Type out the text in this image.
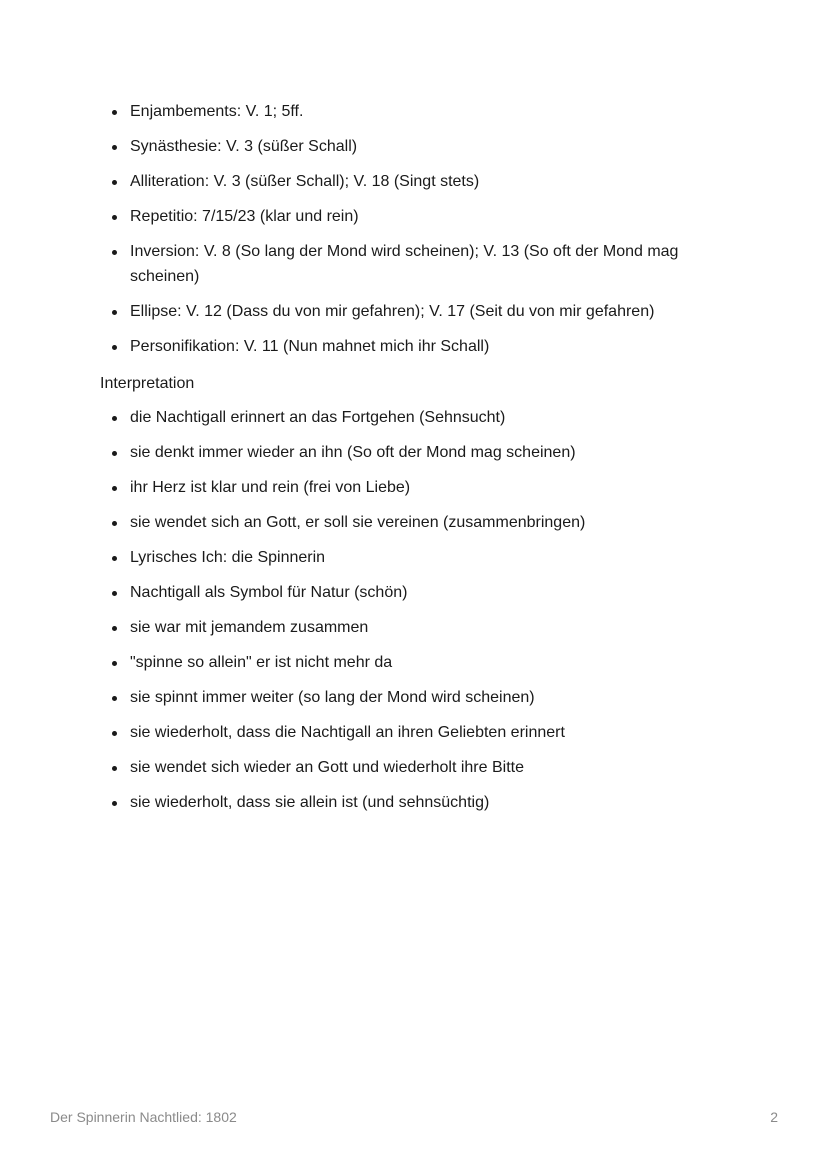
Enjambements: V. 1; 5ff.
Synästhesie: V. 3 (süßer Schall)
Alliteration: V. 3 (süßer Schall); V. 18 (Singt stets)
Repetitio: 7/15/23 (klar und rein)
Inversion: V. 8 (So lang der Mond wird scheinen); V. 13 (So oft der Mond mag scheinen)
Ellipse: V. 12 (Dass du von mir gefahren); V. 17 (Seit du von mir gefahren)
Personifikation: V. 11 (Nun mahnet mich ihr Schall)
Interpretation
die Nachtigall erinnert an das Fortgehen (Sehnsucht)
sie denkt immer wieder an ihn (So oft der Mond mag scheinen)
ihr Herz ist klar und rein (frei von Liebe)
sie wendet sich an Gott, er soll sie vereinen (zusammenbringen)
Lyrisches Ich: die Spinnerin
Nachtigall als Symbol für Natur (schön)
sie war mit jemandem zusammen
"spinne so allein" er ist nicht mehr da
sie spinnt immer weiter (so lang der Mond wird scheinen)
sie wiederholt, dass die Nachtigall an ihren Geliebten erinnert
sie wendet sich wieder an Gott und wiederholt ihre Bitte
sie wiederholt, dass sie allein ist (und sehnsüchtig)
Der Spinnerin Nachtlied: 1802	2
